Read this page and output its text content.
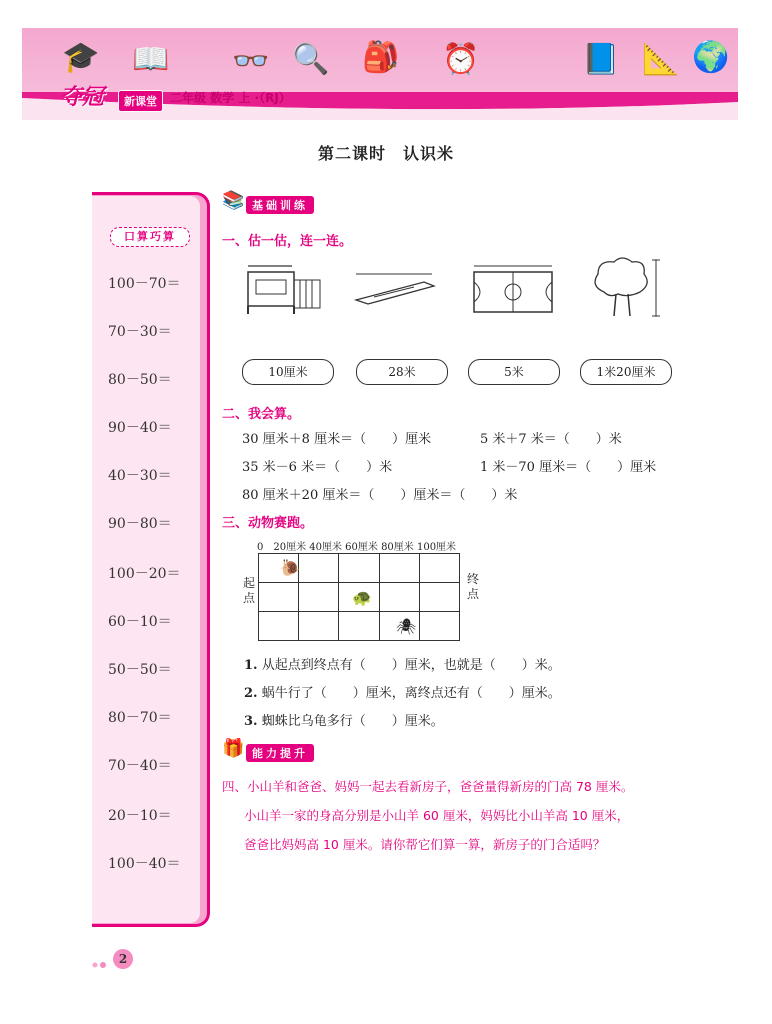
🎓 📖 👓 🔍 🎒 ⏰	📘 📐 🌍
夺冠	新课堂	二年级 数学 上 ·（RJ）
第二课时　认识米
口算巧算
100－70＝
70－30＝
80－50＝
90－40＝
40－30＝
90－80＝
100－20＝
60－10＝
50－50＝
80－70＝
70－40＝
20－10＝
100－40＝
📚 基础训练
一、估一估，连一连。
10厘米	28米	5米	1米20厘米
二、我会算。
30 厘米＋8 厘米＝（　　）厘米
35 米－6 米＝（　　）米
80 厘米＋20 厘米＝（　　）厘米＝（　　）米
5 米＋7 米＝（　　）米
1 米－70 厘米＝（　　）厘米
三、动物赛跑。
0　20厘米 40厘米 60厘米 80厘米 100厘米
起点
终点

🐌
🐢
🕷
1. 从起点到终点有（　　）厘米，也就是（　　）米。
2. 蜗牛行了（　　）厘米，离终点还有（　　）厘米。
3. 蜘蛛比乌龟多行（　　）厘米。
🎁 能力提升
四、小山羊和爸爸、妈妈一起去看新房子，爸爸量得新房的门高 78 厘米。
小山羊一家的身高分别是小山羊 60 厘米，妈妈比小山羊高 10 厘米，
爸爸比妈妈高 10 厘米。请你帮它们算一算，新房子的门合适吗？
2
